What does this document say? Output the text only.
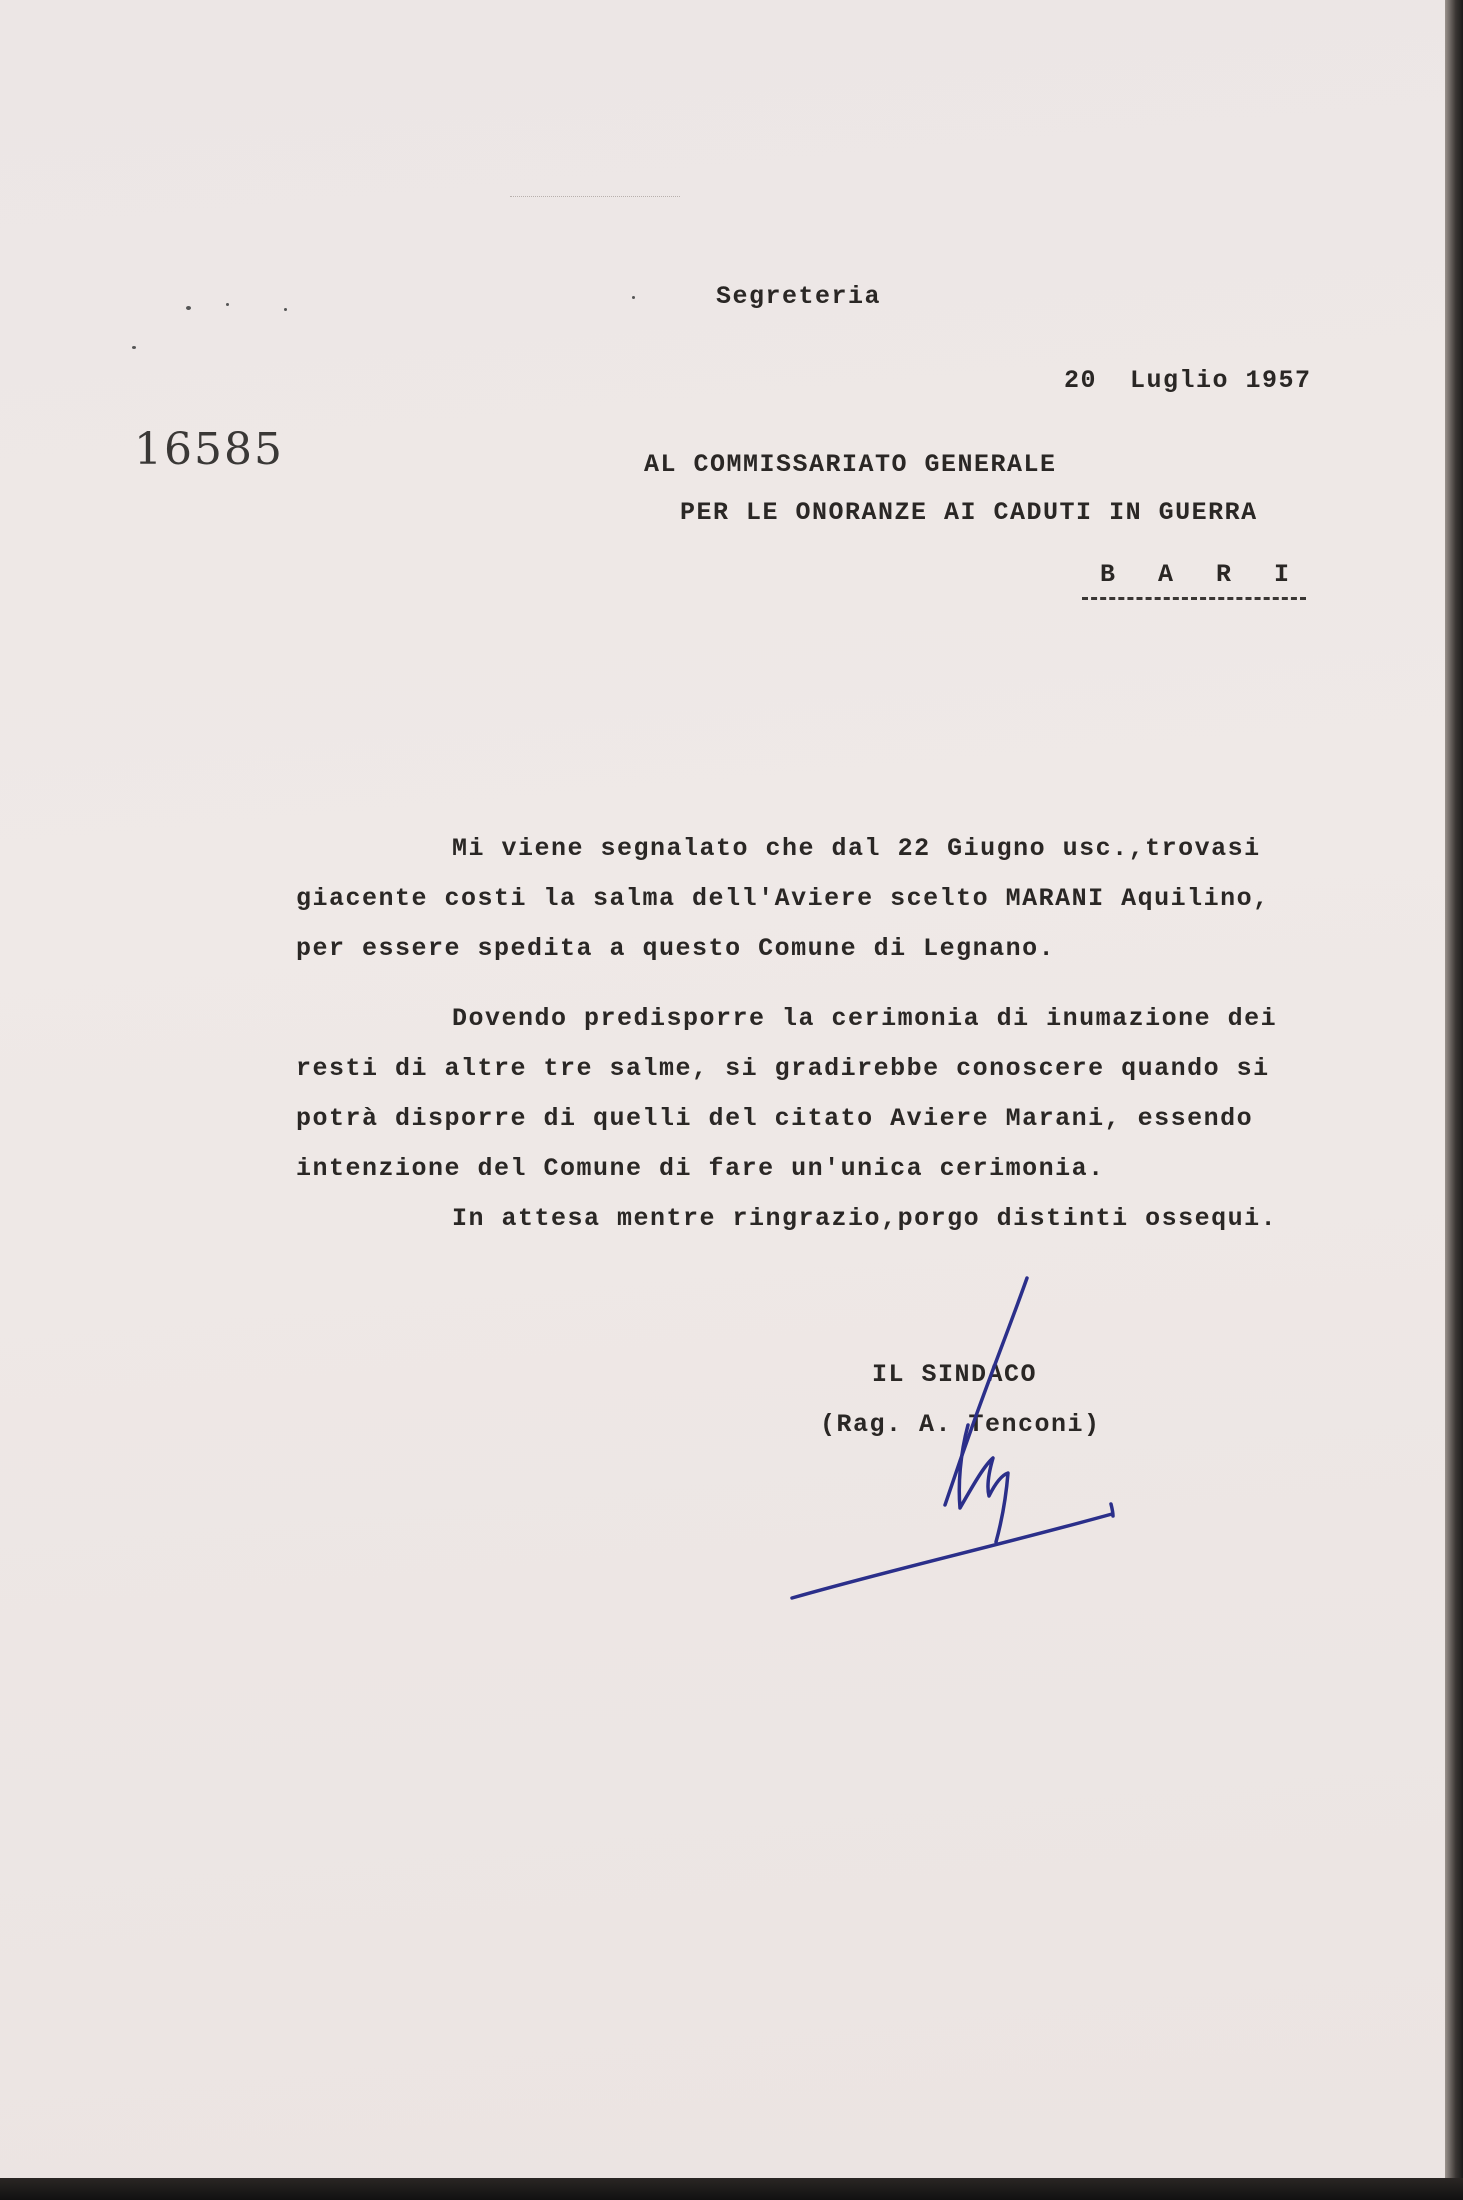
Segreteria
20  Luglio 1957
16585	AL COMMISSARIATO GENERALE
PER LE ONORANZE AI CADUTI IN GUERRA
B A R I
Mi viene segnalato che dal 22 Giugno usc.,trovasi
giacente costi la salma dell'Aviere scelto MARANI Aquilino,
per essere spedita a questo Comune di Legnano.
Dovendo predisporre la cerimonia di inumazione dei
resti di altre tre salme, si gradirebbe conoscere quando si
potrà disporre di quelli del citato Aviere Marani, essendo
intenzione del Comune di fare un'unica cerimonia.
In attesa mentre ringrazio,porgo distinti ossequi.
IL SINDACO
(Rag. A. Tenconi)
